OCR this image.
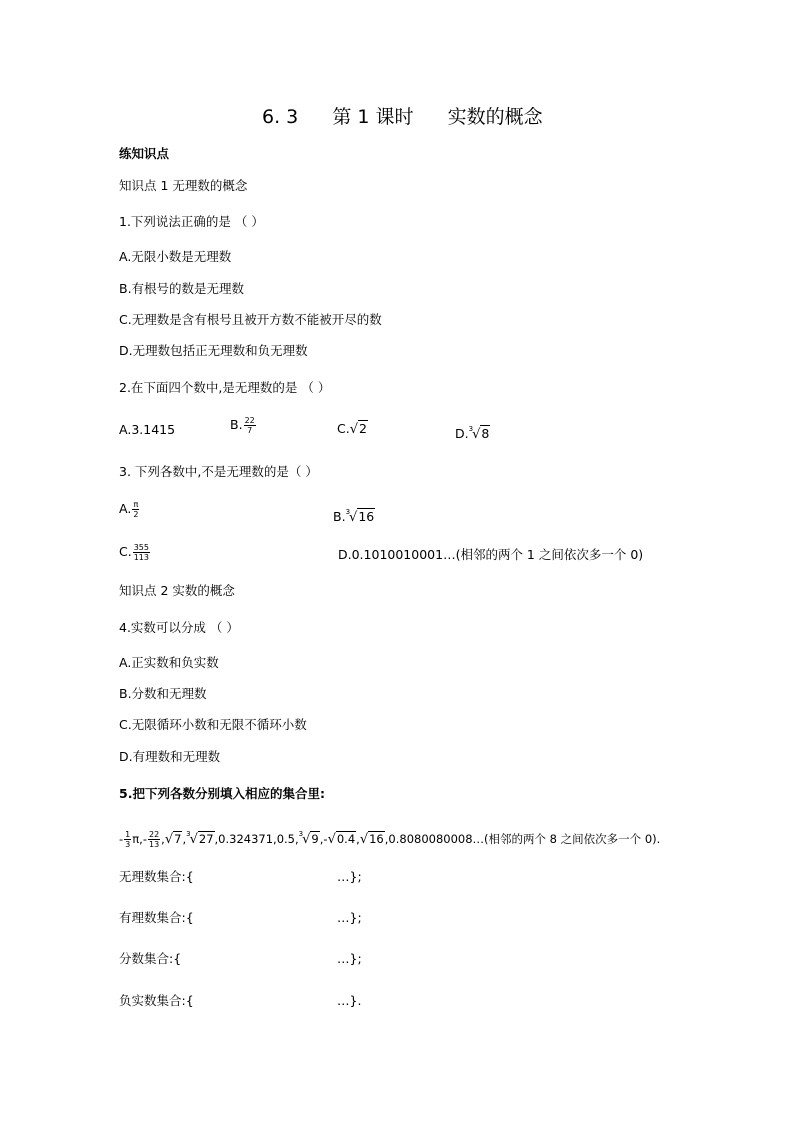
6. 3 第 1 课时 实数的概念
练知识点
知识点 1 无理数的概念
1.下列说法正确的是 （ ）
A.无限小数是无理数
B.有根号的数是无理数
C.无理数是含有根号且被开方数不能被开尽的数
D.无理数包括正无理数和负无理数
2.在下面四个数中,是无理数的是 （ ）
A.3.1415	B. $\frac{22}{7}$	C.√2	D.$^3$√8
3. 下列各数中,不是无理数的是（ ）
A. $\frac{\pi}{2}$	B.$^3$√16
C. $\frac{355}{113}$	D.0.1010010001…(相邻的两个 1 之间依次多一个 0)
知识点 2 实数的概念
4.实数可以分成 （ ）
A.正实数和负实数
B.分数和无理数
C.无限循环小数和无限不循环小数
D.有理数和无理数
5.把下列各数分别填入相应的集合里:
- $\frac{1}{3} \pi,- \frac{22}{13}$ ,√7,$^3$√27,0.324371,0.5,$^3$√9,-√0.4,√16,0.8080080008…(相邻的两个 8 之间依次多一个 0).
无理数集合:{	…};
有理数集合:{	…};
分数集合:{	…};
负实数集合:{	…}.
